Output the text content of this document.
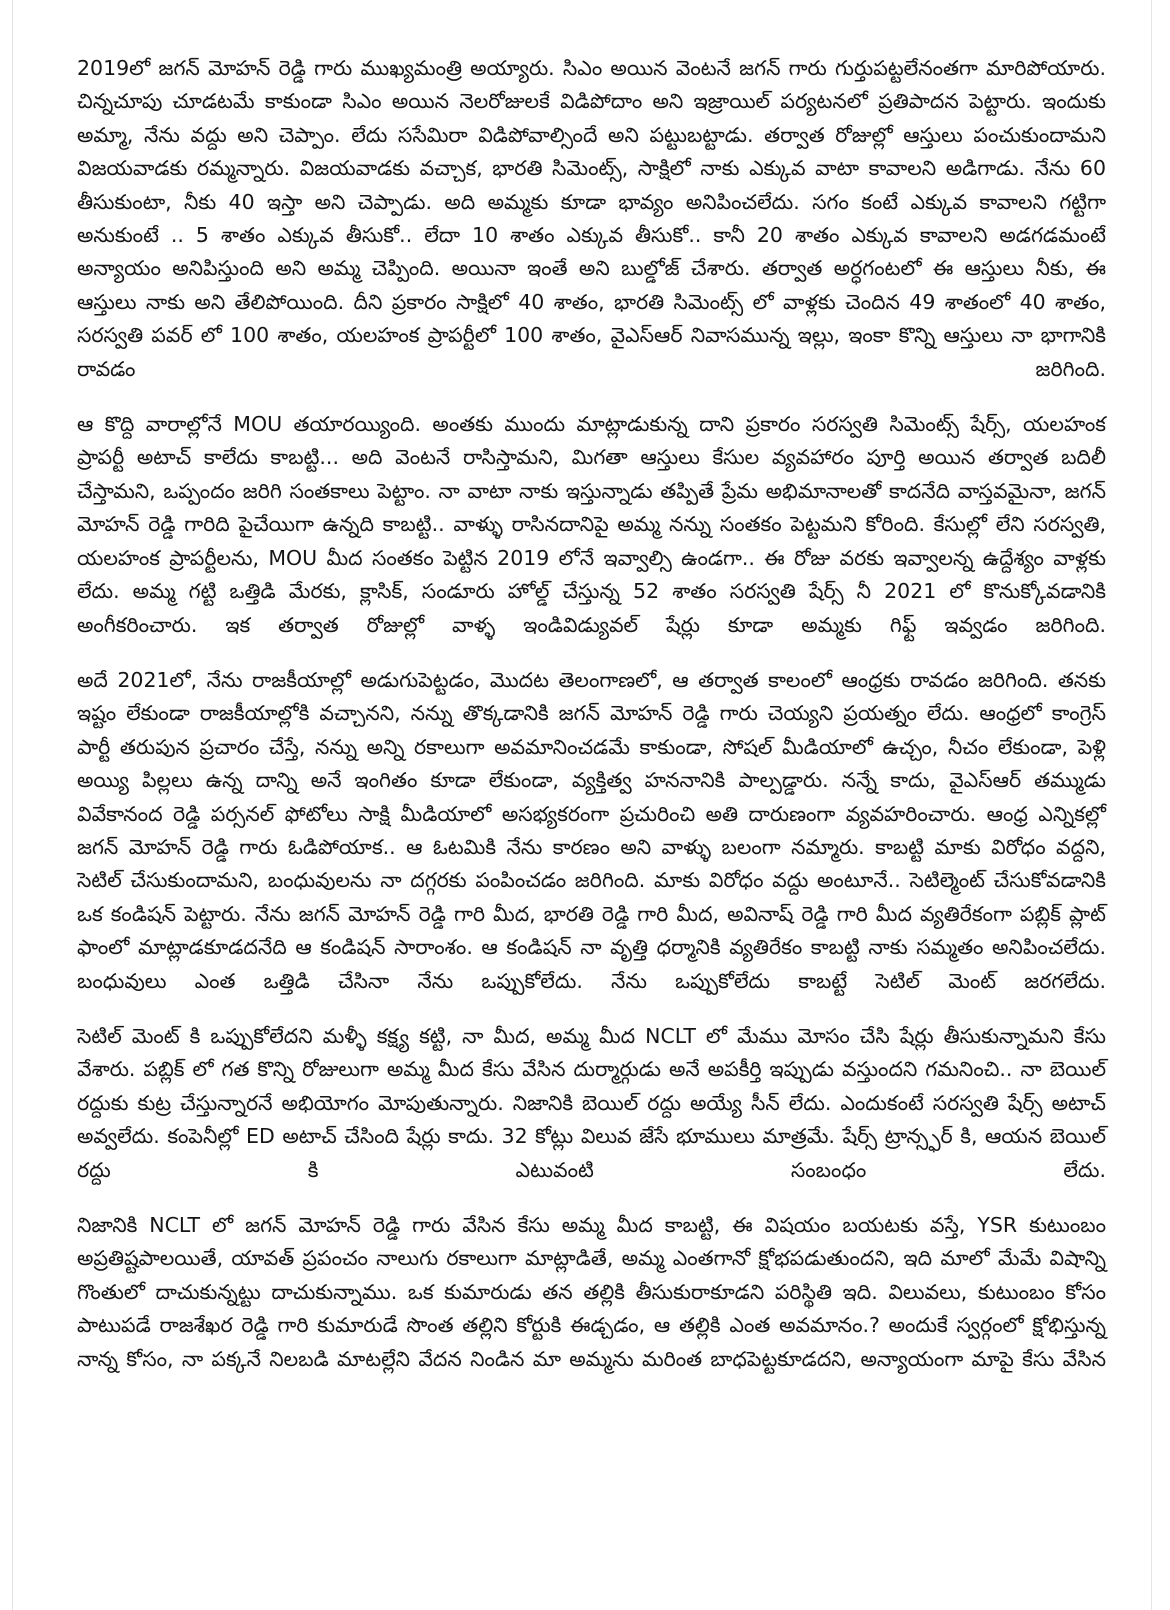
2019లో జగన్ మోహన్ రెడ్డి గారు ముఖ్యమంత్రి అయ్యారు. సిఎం అయిన వెంటనే జగన్ గారు గుర్తుపట్టలేనంతగా మారిపోయారు. చిన్నచూపు చూడటమే కాకుండా సిఎం అయిన నెలరోజులకే విడిపోదాం అని ఇజ్రాయిల్ పర్యటనలో ప్రతిపాదన పెట్టారు. ఇందుకు అమ్మా, నేను వద్దు అని చెప్పాం. లేదు ససేమిరా విడిపోవాల్సిందే అని పట్టుబట్టాడు. తర్వాత రోజుల్లో ఆస్తులు పంచుకుందామని విజయవాడకు రమ్మన్నారు. విజయవాడకు వచ్చాక, భారతి సిమెంట్స్, సాక్షిలో నాకు ఎక్కువ వాటా కావాలని అడిగాడు. నేను 60 తీసుకుంటా, నీకు 40 ఇస్తా అని చెప్పాడు. అది అమ్మకు కూడా భావ్యం అనిపించలేదు. సగం కంటే ఎక్కువ కావాలని గట్టిగా అనుకుంటే .. 5 శాతం ఎక్కువ తీసుకో.. లేదా 10 శాతం ఎక్కువ తీసుకో.. కానీ 20 శాతం ఎక్కువ కావాలని అడగడమంటే అన్యాయం అనిపిస్తుంది అని అమ్మ చెప్పింది. అయినా ఇంతే అని బుల్డోజ్ చేశారు. తర్వాత అర్ధగంటలో ఈ ఆస్తులు నీకు, ఈ ఆస్తులు నాకు అని తేలిపోయింది. దీని ప్రకారం సాక్షిలో 40 శాతం, భారతి సిమెంట్స్ లో వాళ్లకు చెందిన 49 శాతంలో 40 శాతం, సరస్వతి పవర్ లో 100 శాతం, యలహంక ప్రాపర్టీలో 100 శాతం, వైఎస్ఆర్ నివాసమున్న ఇల్లు, ఇంకా కొన్ని ఆస్తులు నా భాగానికి రావడం జరిగింది.

ఆ కొద్ది వారాల్లోనే MOU తయారయ్యింది. అంతకు ముందు మాట్లాడుకున్న దాని ప్రకారం సరస్వతి సిమెంట్స్ షేర్స్, యలహంక ప్రాపర్టీ అటాచ్ కాలేదు కాబట్టి... అది వెంటనే రాసిస్తామని, మిగతా ఆస్తులు కేసుల వ్యవహారం పూర్తి అయిన తర్వాత బదిలీ చేస్తామని, ఒప్పందం జరిగి సంతకాలు పెట్టాం. నా వాటా నాకు ఇస్తున్నాడు తప్పితే ప్రేమ అభిమానాలతో కాదనేది వాస్తవమైనా, జగన్ మోహన్ రెడ్డి గారిది పైచేయిగా ఉన్నది కాబట్టి.. వాళ్ళు రాసినదానిపై అమ్మ నన్ను సంతకం పెట్టమని కోరింది. కేసుల్లో లేని సరస్వతి, యలహంక ప్రాపర్టీలను, MOU మీద సంతకం పెట్టిన 2019 లోనే ఇవ్వాల్సి ఉండగా.. ఈ రోజు వరకు ఇవ్వాలన్న ఉద్దేశ్యం వాళ్లకు లేదు. అమ్మ గట్టి ఒత్తిడి మేరకు, క్లాసిక్, సండూరు హోల్డ్ చేస్తున్న 52 శాతం సరస్వతి షేర్స్ నీ 2021 లో కొనుక్కోవడానికి అంగీకరించారు. ఇక తర్వాత రోజుల్లో వాళ్ళ ఇండివిడ్యువల్ షేర్లు కూడా అమ్మకు గిఫ్ట్ ఇవ్వడం జరిగింది.

అదే 2021లో, నేను రాజకీయాల్లో అడుగుపెట్టడం, మొదట తెలంగాణలో, ఆ తర్వాత కాలంలో ఆంధ్రకు రావడం జరిగింది. తనకు ఇష్టం లేకుండా రాజకీయాల్లోకి వచ్చానని, నన్ను తొక్కడానికి జగన్ మోహన్ రెడ్డి గారు చెయ్యని ప్రయత్నం లేదు. ఆంధ్రలో కాంగ్రెస్ పార్టీ తరుపున ప్రచారం చేస్తే, నన్ను అన్ని రకాలుగా అవమానించడమే కాకుండా, సోషల్ మీడియాలో ఉచ్చం, నీచం లేకుండా, పెళ్లి అయ్యి పిల్లలు ఉన్న దాన్ని అనే ఇంగితం కూడా లేకుండా, వ్యక్తిత్వ హననానికి పాల్పడ్డారు. నన్నే కాదు, వైఎస్ఆర్ తమ్ముడు వివేకానంద రెడ్డి పర్సనల్ ఫోటోలు సాక్షి మీడియాలో అసభ్యకరంగా ప్రచురించి అతి దారుణంగా వ్యవహరించారు. ఆంధ్ర ఎన్నికల్లో జగన్ మోహన్ రెడ్డి గారు ఓడిపోయాక.. ఆ ఓటమికి నేను కారణం అని వాళ్ళు బలంగా నమ్మారు. కాబట్టి మాకు విరోధం వద్దని, సెటిల్ చేసుకుందామని, బంధువులను నా దగ్గరకు పంపించడం జరిగింది. మాకు విరోధం వద్దు అంటూనే.. సెటిల్మెంట్ చేసుకోవడానికి ఒక కండిషన్ పెట్టారు. నేను జగన్ మోహన్ రెడ్డి గారి మీద, భారతి రెడ్డి గారి మీద, అవినాష్ రెడ్డి గారి మీద వ్యతిరేకంగా పబ్లిక్ ప్లాట్ ఫాంలో మాట్లాడకూడదనేది ఆ కండిషన్ సారాంశం. ఆ కండిషన్ నా వృత్తి ధర్మానికి వ్యతిరేకం కాబట్టి నాకు సమ్మతం అనిపించలేదు. బంధువులు ఎంత ఒత్తిడి చేసినా నేను ఒప్పుకోలేదు. నేను ఒప్పుకోలేదు కాబట్టే సెటిల్ మెంట్ జరగలేదు.

సెటిల్ మెంట్ కి ఒప్పుకోలేదని మళ్ళీ కక్ష్య కట్టి, నా మీద, అమ్మ మీద NCLT లో మేము మోసం చేసి షేర్లు తీసుకున్నామని కేసు వేశారు. పబ్లిక్ లో గత కొన్ని రోజులుగా అమ్మ మీద కేసు వేసిన దుర్మార్గుడు అనే అపకీర్తి ఇప్పుడు వస్తుందని గమనించి.. నా బెయిల్ రద్దుకు కుట్ర చేస్తున్నారనే అభియోగం మోపుతున్నారు. నిజానికి బెయిల్ రద్దు అయ్యే సీన్ లేదు. ఎందుకంటే సరస్వతి షేర్స్ అటాచ్ అవ్వలేదు. కంపెనీల్లో ED అటాచ్ చేసింది షేర్లు కాదు. 32 కోట్లు విలువ జేసే భూములు మాత్రమే. షేర్స్ ట్రాన్స్ఫర్ కి, ఆయన బెయిల్ రద్దు కి ఎటువంటి సంబంధం లేదు.

నిజానికి NCLT లో జగన్ మోహన్ రెడ్డి గారు వేసిన కేసు అమ్మ మీద కాబట్టి, ఈ విషయం బయటకు వస్తే, YSR కుటుంబం అప్రతిష్టపాలయితే, యావత్ ప్రపంచం నాలుగు రకాలుగా మాట్లాడితే, అమ్మ ఎంతగానో క్షోభపడుతుందని, ఇది మాలో మేమే విషాన్ని గొంతులో దాచుకున్నట్టు దాచుకున్నాము. ఒక కుమారుడు తన తల్లికి తీసుకురాకూడని పరిస్థితి ఇది. విలువలు, కుటుంబం కోసం పాటుపడే రాజశేఖర రెడ్డి గారి కుమారుడే సొంత తల్లిని కోర్టుకి ఈడ్చడం, ఆ తల్లికి ఎంత అవమానం.? అందుకే స్వర్గంలో క్షోభిస్తున్న నాన్న కోసం, నా పక్కనే నిలబడి మాటల్లేని వేదన నిండిన మా అమ్మను మరింత బాధపెట్టకూడదని, అన్యాయంగా మాపై కేసు వేసిన
